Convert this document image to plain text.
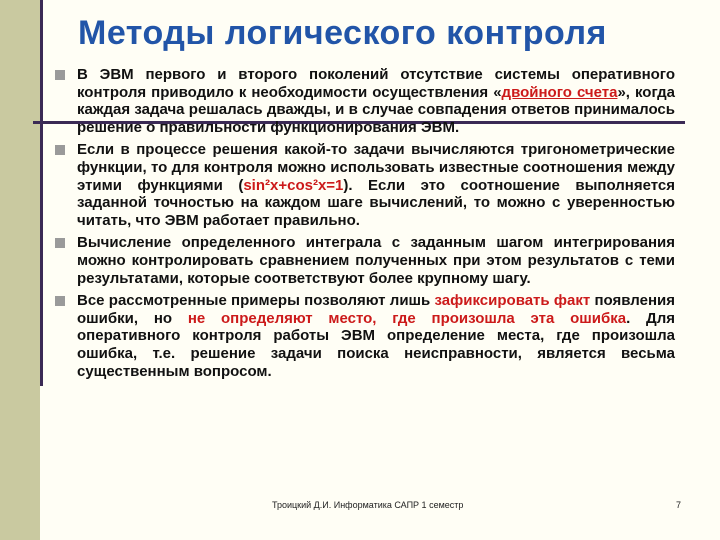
Методы логического контроля
В ЭВМ первого и второго поколений отсутствие системы оперативного контроля приводило к необходимости осуществления «двойного счета», когда каждая задача решалась дважды, и в случае совпадения ответов принималось решение о правильности функционирования ЭВМ.
Если в процессе решения какой-то задачи вычисляются тригонометрические функции, то для контроля можно использовать известные соотношения между этими функциями (sin²x+cos²x=1). Если это соотношение выполняется заданной точностью на каждом шаге вычислений, то можно с уверенностью читать, что ЭВМ работает правильно.
Вычисление определенного интеграла с заданным шагом интегрирования можно контролировать сравнением полученных при этом результатов с теми результатами, которые соответствуют более крупному шагу.
Все рассмотренные примеры позволяют лишь зафиксировать факт появления ошибки, но не определяют место, где произошла эта ошибка. Для оперативного контроля работы ЭВМ определение места, где произошла ошибка, т.е. решение задачи поиска неисправности, является весьма существенным вопросом.
Троицкий Д.И. Информатика САПР 1 семестр	7
